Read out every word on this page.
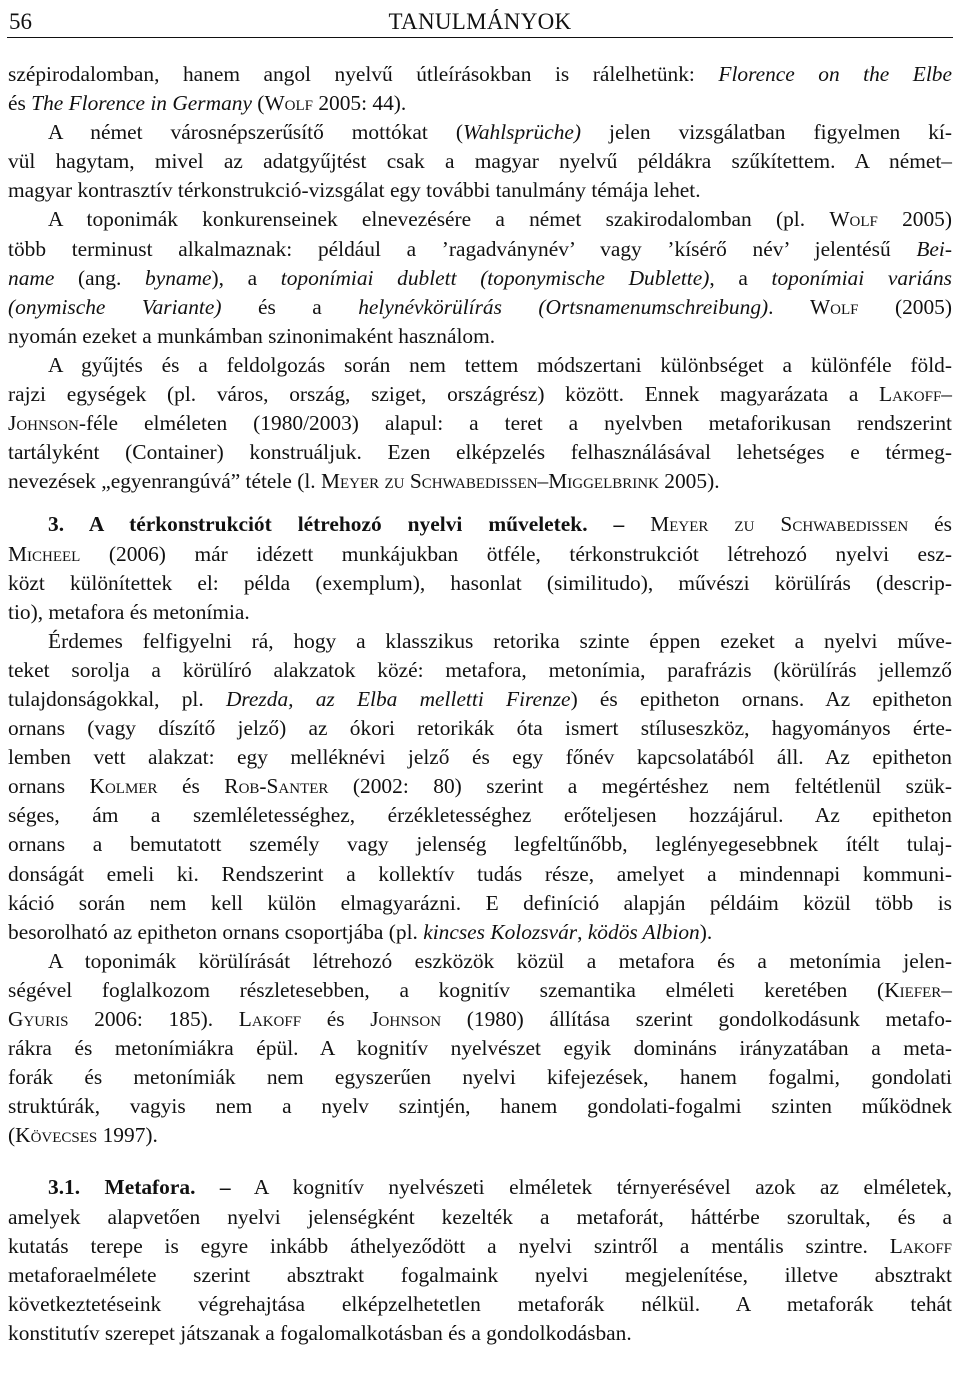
56	TANULMÁNYOK
szépirodalomban, hanem angol nyelvű útleírásokban is rálelhetünk: Florence on the Elbe
és The Florence in Germany (Wolf 2005: 44).
A német városnépszerűsítő mottókat (Wahlsprüche) jelen vizsgálatban figyelmen kí-
vül hagytam, mivel az adatgyűjtést csak a magyar nyelvű példákra szűkítettem. A német–
magyar kontrasztív térkonstrukció-vizsgálat egy további tanulmány témája lehet.
A toponimák konkurenseinek elnevezésére a német szakirodalomban (pl. Wolf 2005)
több terminust alkalmaznak: például a ’ragadványnév’ vagy ’kísérő név’ jelentésű Bei-
name (ang. byname), a toponímiai dublett (toponymische Dublette), a toponímiai variáns
(onymische Variante) és a helynévkörülírás (Ortsnamenumschreibung). Wolf (2005)
nyomán ezeket a munkámban szinonimaként használom.
A gyűjtés és a feldolgozás során nem tettem módszertani különbséget a különféle föld-
rajzi egységek (pl. város, ország, sziget, országrész) között. Ennek magyarázata a Lakoff–
Johnson-féle elméleten (1980/2003) alapul: a teret a nyelvben metaforikusan rendszerint
tartályként (Container) konstruáljuk. Ezen elképzelés felhasználásával lehetséges e térmeg-
nevezések „egyenrangúvá” tétele (l. Meyer zu Schwabedissen–Miggelbrink 2005).
3. A térkonstrukciót létrehozó nyelvi műveletek. – Meyer zu Schwabedissen és
Micheel (2006) már idézett munkájukban ötféle, térkonstrukciót létrehozó nyelvi esz-
közt különítettek el: példa (exemplum), hasonlat (similitudo), művészi körülírás (descrip-
tio), metafora és metonímia.
Érdemes felfigyelni rá, hogy a klasszikus retorika szinte éppen ezeket a nyelvi műve-
teket sorolja a körülíró alakzatok közé: metafora, metonímia, parafrázis (körülírás jellemző
tulajdonságokkal, pl. Drezda, az Elba melletti Firenze) és epitheton ornans. Az epitheton
ornans (vagy díszítő jelző) az ókori retorikák óta ismert stíluseszköz, hagyományos érte-
lemben vett alakzat: egy melléknévi jelző és egy főnév kapcsolatából áll. Az epitheton
ornans Kolmer és Rob-Santer (2002: 80) szerint a megértéshez nem feltétlenül szük-
séges, ám a szemléletességhez, érzékletességhez erőteljesen hozzájárul. Az epitheton
ornans a bemutatott személy vagy jelenség legfeltűnőbb, leglényegesebbnek ítélt tulaj-
donságát emeli ki. Rendszerint a kollektív tudás része, amelyet a mindennapi kommuni-
káció során nem kell külön elmagyarázni. E definíció alapján példáim közül több is
besorolható az epitheton ornans csoportjába (pl. kincses Kolozsvár, ködös Albion).
A toponimák körülírását létrehozó eszközök közül a metafora és a metonímia jelen-
ségével foglalkozom részletesebben, a kognitív szemantika elméleti keretében (Kiefer–
Gyuris 2006: 185). Lakoff és Johnson (1980) állítása szerint gondolkodásunk metafo-
rákra és metonímiákra épül. A kognitív nyelvészet egyik domináns irányzatában a meta-
forák és metonímiák nem egyszerűen nyelvi kifejezések, hanem fogalmi, gondolati
struktúrák, vagyis nem a nyelv szintjén, hanem gondolati-fogalmi szinten működnek
(Kövecses 1997).
3.1. Metafora. – A kognitív nyelvészeti elméletek térnyerésével azok az elméletek,
amelyek alapvetően nyelvi jelenségként kezelték a metaforát, háttérbe szorultak, és a
kutatás terepe is egyre inkább áthelyeződött a nyelvi szintről a mentális szintre. Lakoff
metaforaelmélete szerint absztrakt fogalmaink nyelvi megjelenítése, illetve absztrakt
következtetéseink végrehajtása elképzelhetetlen metaforák nélkül. A metaforák tehát
konstitutív szerepet játszanak a fogalomalkotásban és a gondolkodásban.
